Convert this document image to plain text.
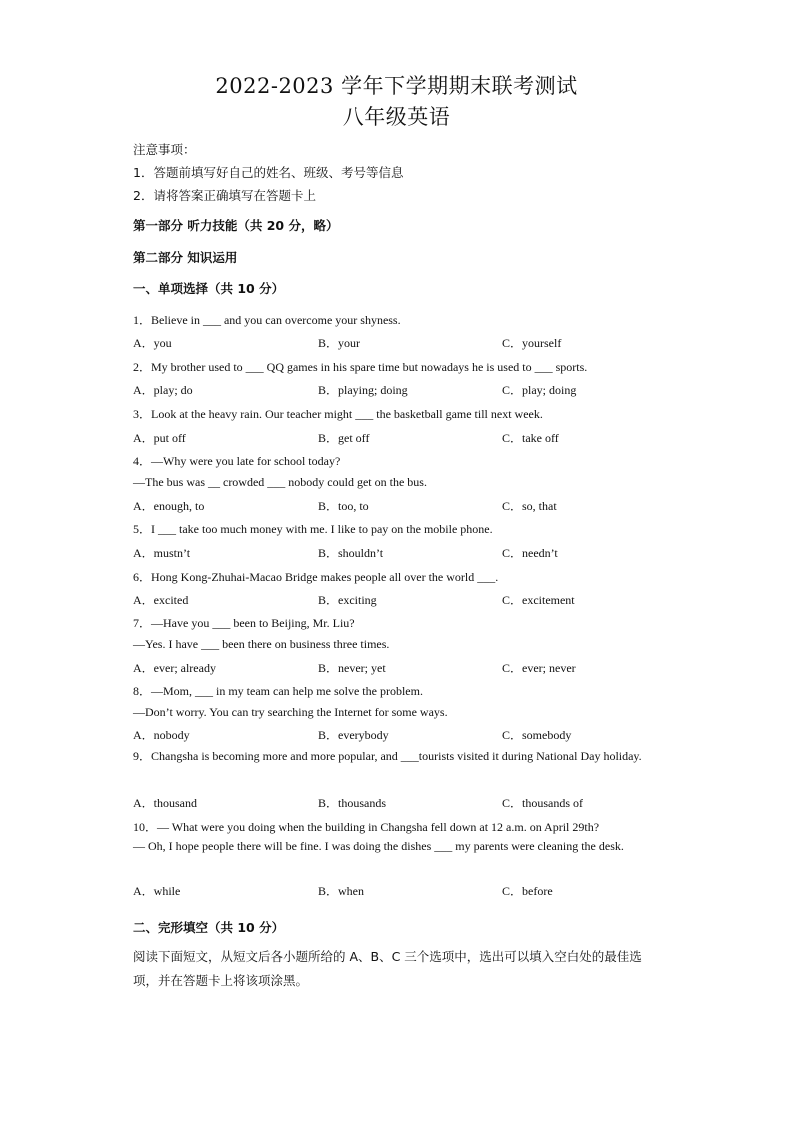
2022-2023 学年下学期期末联考测试
八年级英语
注意事项：
1．答题前填写好自己的姓名、班级、考号等信息
2．请将答案正确填写在答题卡上
第一部分 听力技能（共 20 分，略）
第二部分 知识运用
一、单项选择（共 10 分）
1．Believe in ___ and you can overcome your shyness.
A．you	B．your	C．yourself
2．My brother used to ___ QQ games in his spare time but nowadays he is used to ___ sports.
A．play; do	B．playing; doing	C．play; doing
3．Look at the heavy rain. Our teacher might ___ the basketball game till next week.
A．put off	B．get off	C．take off
4．—Why were you late for school today?
—The bus was __ crowded ___ nobody could get on the bus.
A．enough, to	B．too, to	C．so, that
5．I ___ take too much money with me. I like to pay on the mobile phone.
A．mustn’t	B．shouldn’t	C．needn’t
6．Hong Kong-Zhuhai-Macao Bridge makes people all over the world ___.
A．excited	B．exciting	C．excitement
7．—Have you ___ been to Beijing, Mr. Liu?
—Yes. I have ___ been there on business three times.
A．ever; already	B．never; yet	C．ever; never
8．—Mom, ___ in my team can help me solve the problem.
—Don’t worry. You can try searching the Internet for some ways.
A．nobody	B．everybody	C．somebody
9．Changsha is becoming more and more popular, and ___tourists visited it during National Day holiday.
A．thousand	B．thousands	C．thousands of
10．— What were you doing when the building in Changsha fell down at 12 a.m. on April 29th?
— Oh, I hope people there will be fine. I was doing the dishes ___ my parents were cleaning the desk.
A．while	B．when	C．before
二、完形填空（共 10 分）
阅读下面短文，从短文后各小题所给的 A、B、C 三个选项中，选出可以填入空白处的最佳选项，并在答题卡上将该项涂黑。
